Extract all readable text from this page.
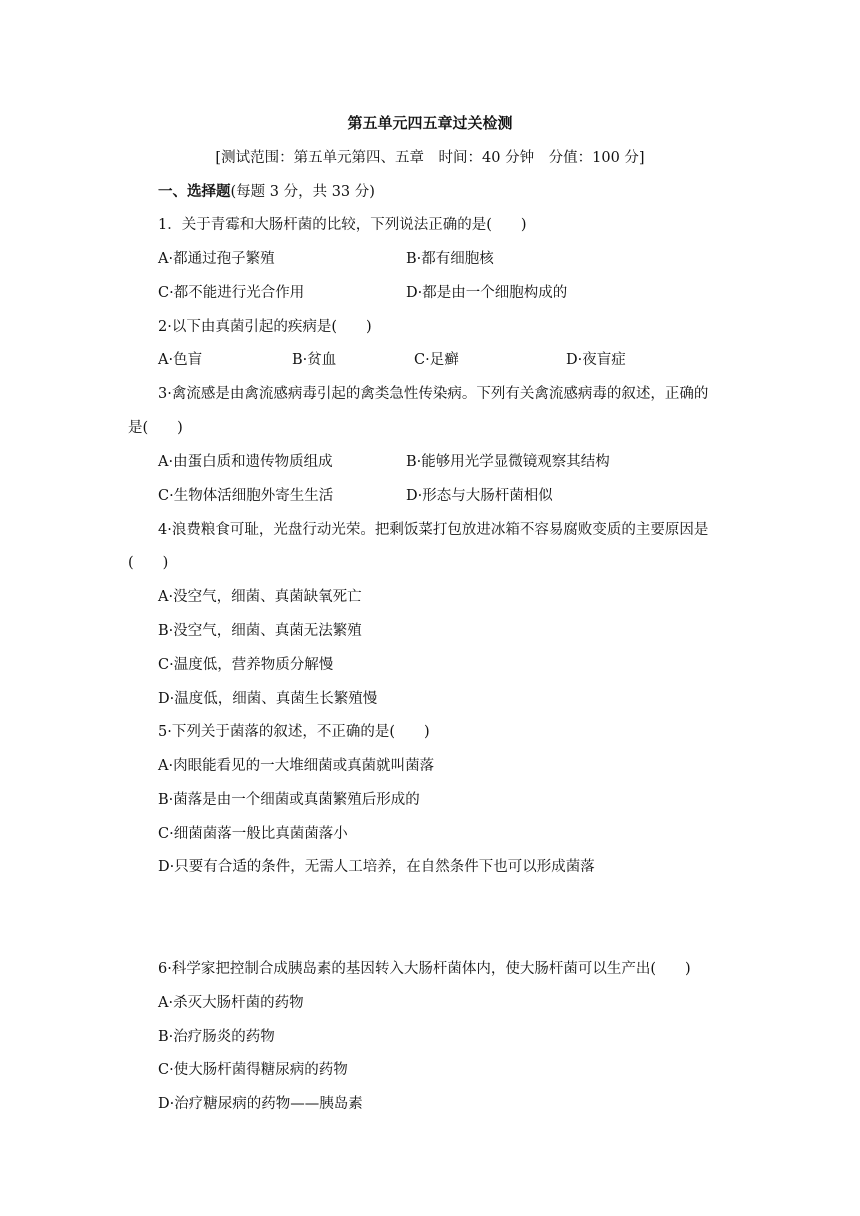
第五单元四五章过关检测
[测试范围：第五单元第四、五章　时间：40 分钟　分值：100 分]
一、选择题(每题 3 分，共 33 分)
1．关于青霉和大肠杆菌的比较，下列说法正确的是(　　)
A·都通过孢子繁殖	B·都有细胞核
C·都不能进行光合作用	D·都是由一个细胞构成的
2·以下由真菌引起的疾病是(　　)
A·色盲	B·贫血	C·足癣	D·夜盲症
3·禽流感是由禽流感病毒引起的禽类急性传染病。下列有关禽流感病毒的叙述，正确的
是(　　)
A·由蛋白质和遗传物质组成	B·能够用光学显微镜观察其结构
C·生物体活细胞外寄生生活	D·形态与大肠杆菌相似
4·浪费粮食可耻，光盘行动光荣。把剩饭菜打包放进冰箱不容易腐败变质的主要原因是
(　　)
A·没空气，细菌、真菌缺氧死亡
B·没空气，细菌、真菌无法繁殖
C·温度低，营养物质分解慢
D·温度低，细菌、真菌生长繁殖慢
5·下列关于菌落的叙述，不正确的是(　　)
A·肉眼能看见的一大堆细菌或真菌就叫菌落
B·菌落是由一个细菌或真菌繁殖后形成的
C·细菌菌落一般比真菌菌落小
D·只要有合适的条件，无需人工培养，在自然条件下也可以形成菌落
6·科学家把控制合成胰岛素的基因转入大肠杆菌体内，使大肠杆菌可以生产出(　　)
A·杀灭大肠杆菌的药物
B·治疗肠炎的药物
C·使大肠杆菌得糖尿病的药物
D·治疗糖尿病的药物——胰岛素
